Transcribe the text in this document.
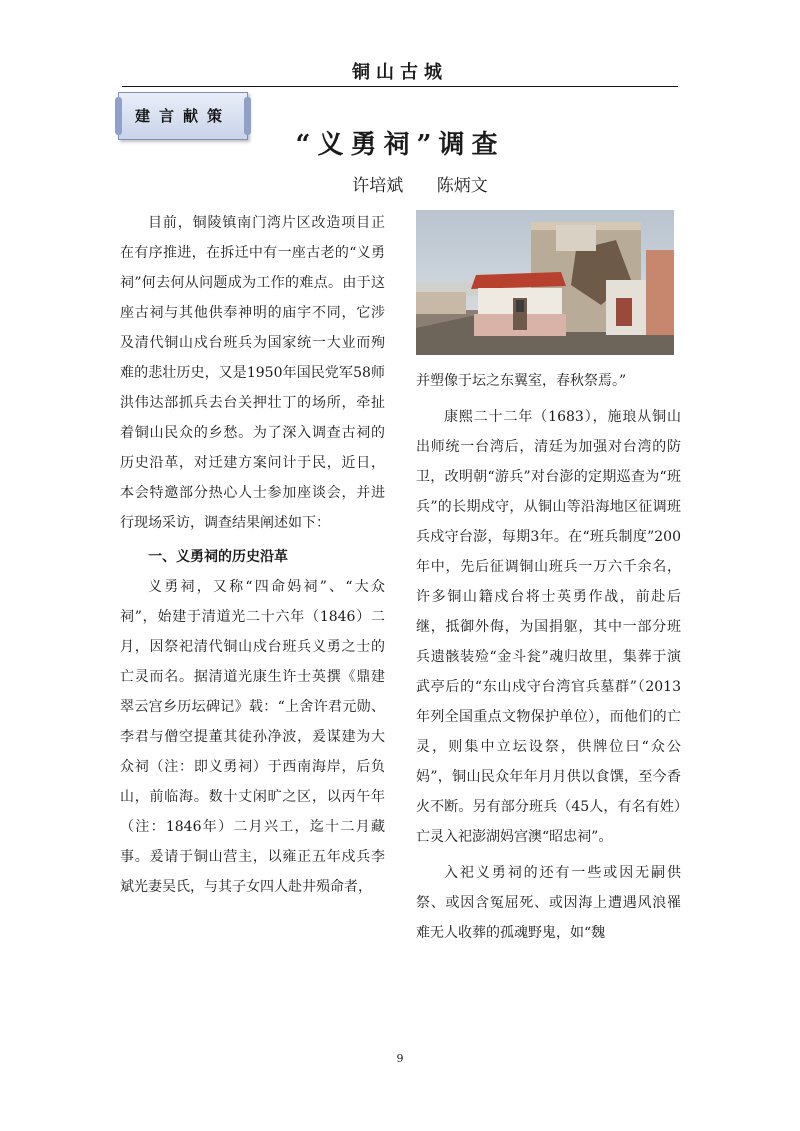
铜山古城
建言献策
“义勇祠”调查
许培斌 陈炳文

目前，铜陵镇南门湾片区改造项目正在有序推进，在拆迁中有一座古老的“义勇祠”何去何从问题成为工作的难点。由于这座古祠与其他供奉神明的庙宇不同，它涉及清代铜山戍台班兵为国家统一大业而殉难的悲壮历史，又是1950年国民党军58师洪伟达部抓兵去台关押壮丁的场所，牵扯着铜山民众的乡愁。为了深入调查古祠的历史沿革，对迁建方案问计于民，近日，本会特邀部分热心人士参加座谈会，并进行现场采访，调查结果阐述如下：

一、义勇祠的历史沿革

义勇祠，又称“四命妈祠”、“大众祠”，始建于清道光二十六年（1846）二月，因祭祀清代铜山戍台班兵义勇之士的亡灵而名。据清道光康生许士英撰《鼎建翠云宫乡历坛碑记》载：“上舍许君元勋、李君与僧空提董其徒孙净波，爰谋建为大众祠（注：即义勇祠）于西南海岸，后负山，前临海。数十丈闲旷之区，以丙午年（注：1846年）二月兴工，迄十二月藏事。爰请于铜山营主，以雍正五年戍兵李斌光妻吴氏，与其子女四人赴井殒命者，

并塑像于坛之东翼室，春秋祭焉。”

康熙二十二年（1683），施琅从铜山出师统一台湾后，清廷为加强对台湾的防卫，改明朝“游兵”对台澎的定期巡查为“班兵”的长期戍守，从铜山等沿海地区征调班兵戍守台澎，每期3年。在“班兵制度”200年中，先后征调铜山班兵一万六千余名，许多铜山籍戍台将士英勇作战，前赴后继，抵御外侮，为国捐躯，其中一部分班兵遗骸装殓“金斗瓮”魂归故里，集葬于演武亭后的“东山戍守台湾官兵墓群”（2013年列全国重点文物保护单位），而他们的亡灵，则集中立坛设祭，供牌位曰“众公妈”，铜山民众年年月月供以食馔，至今香火不断。另有部分班兵（45人，有名有姓）亡灵入祀澎湖妈宫澳“昭忠祠”。

入祀义勇祠的还有一些或因无嗣供祭、或因含冤屈死、或因海上遭遇风浪罹难无人收葬的孤魂野鬼，如“魏

9
